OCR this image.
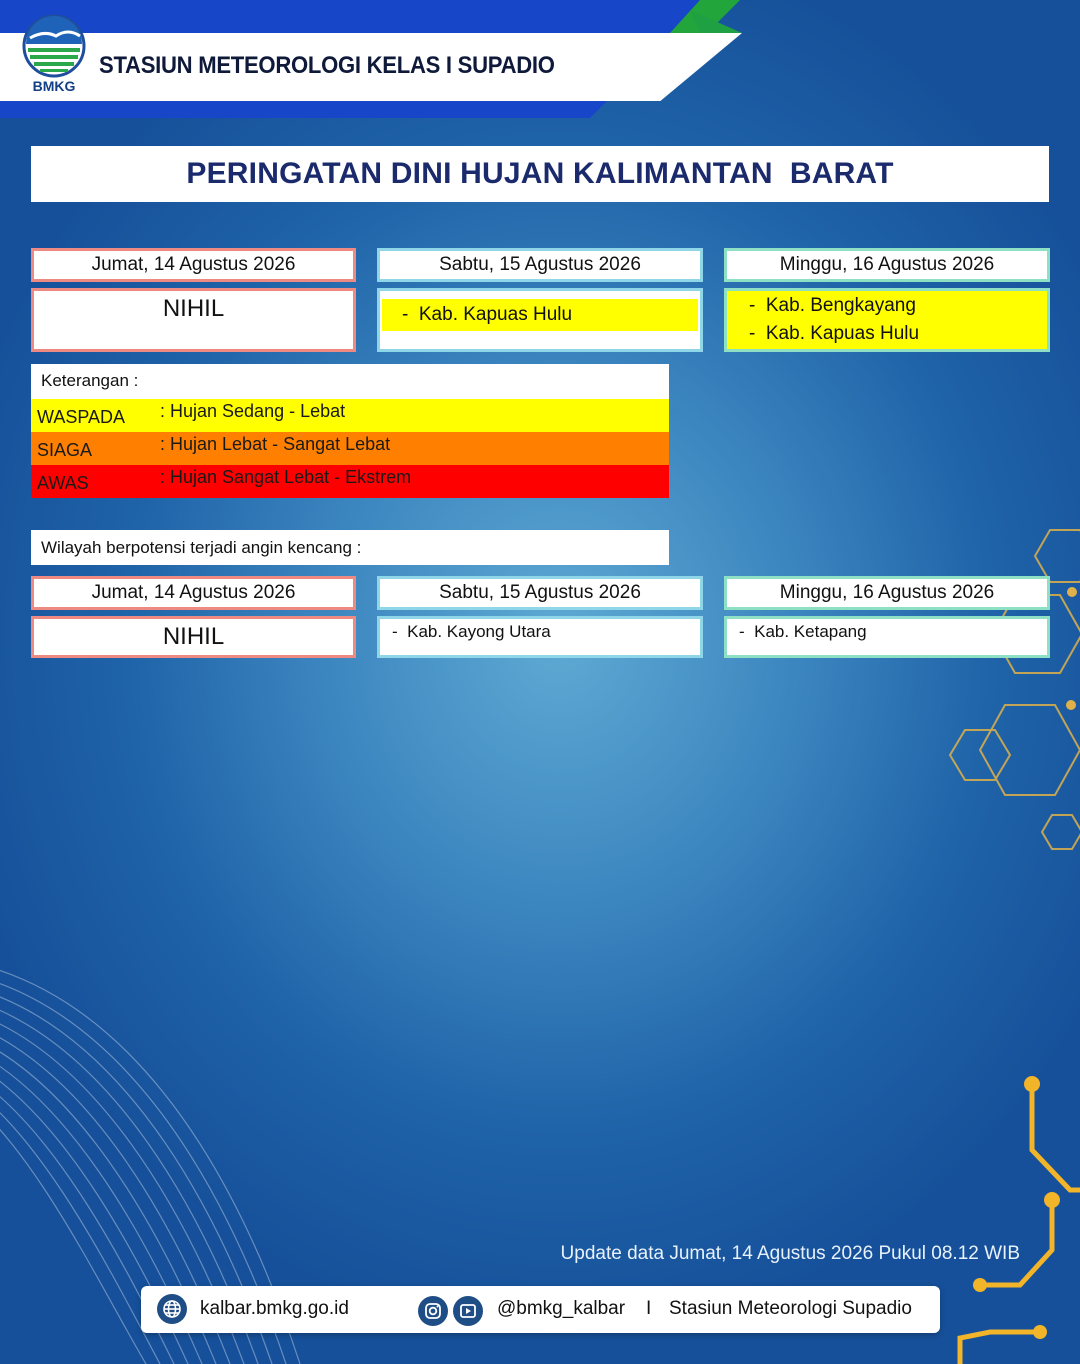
BMKG
STASIUN METEOROLOGI KELAS I SUPADIO
PERINGATAN DINI HUJAN KALIMANTAN  BARAT
Jumat, 14 Agustus 2026	Sabtu, 15 Agustus 2026	Minggu, 16 Agustus 2026
NIHIL	-  Kab. Kapuas Hulu	-  Kab. Bengkayang
-  Kab. Kapuas Hulu
Keterangan :
WASPADA : Hujan Sedang - Lebat
SIAGA	: Hujan Lebat - Sangat Lebat
AWAS	: Hujan Sangat Lebat - Ekstrem
Wilayah berpotensi terjadi angin kencang :
Jumat, 14 Agustus 2026	Sabtu, 15 Agustus 2026	Minggu, 16 Agustus 2026
NIHIL	-  Kab. Kayong Utara	-  Kab. Ketapang
Update data Jumat, 14 Agustus 2026 Pukul 08.12 WIB
kalbar.bmkg.go.id	@bmkg_kalbar I Stasiun Meteorologi Supadio
